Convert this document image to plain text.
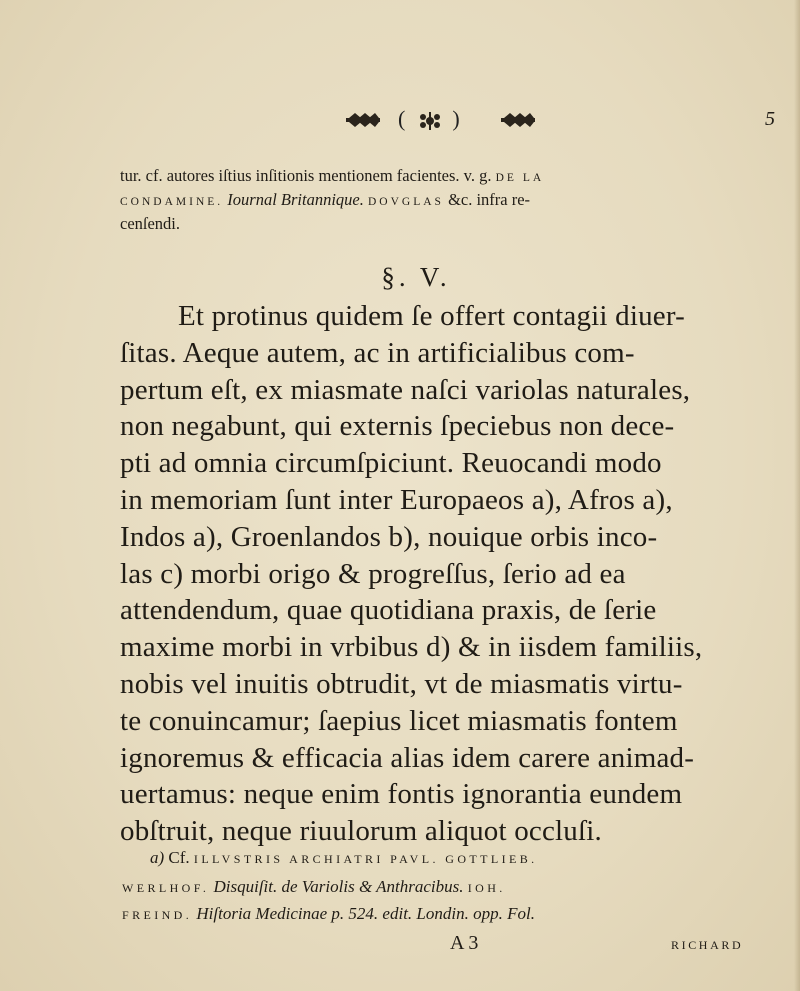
( )	5
tur. cf. autores iſtius inſitionis mentionem facientes. v. g. DE LA
CONDAMINE. Iournal Britannique. DOVGLAS &c. infra re-
cenſendi.
§. V.
Et protinus quidem ſe offert contagii diuer-
ſitas. Aeque autem, ac in artificialibus com-
pertum eſt, ex miasmate naſci variolas naturales,
non negabunt, qui externis ſpeciebus non dece-
pti ad omnia circumſpiciunt. Reuocandi modo
in memoriam ſunt inter Europaeos a), Afros a),
Indos a), Groenlandos b), nouique orbis inco-
las c) morbi origo & progreſſus, ſerio ad ea
attendendum, quae quotidiana praxis, de ſerie
maxime morbi in vrbibus d) & in iisdem familiis,
nobis vel inuitis obtrudit, vt de miasmatis virtu-
te conuincamur; ſaepius licet miasmatis fontem
ignoremus & efficacia alias idem carere animad-
uertamus: neque enim fontis ignorantia eundem
obſtruit, neque riuulorum aliquot occluſi.
a) Cf. ILLVSTRIS ARCHIATRI PAVL. GOTTLIEB.
WERLHOF. Disquiſit. de Variolis & Anthracibus. IOH.
FREIND. Hiſtoria Medicinae p. 524. edit. Londin. opp. Fol.
A 3	RICHARD
